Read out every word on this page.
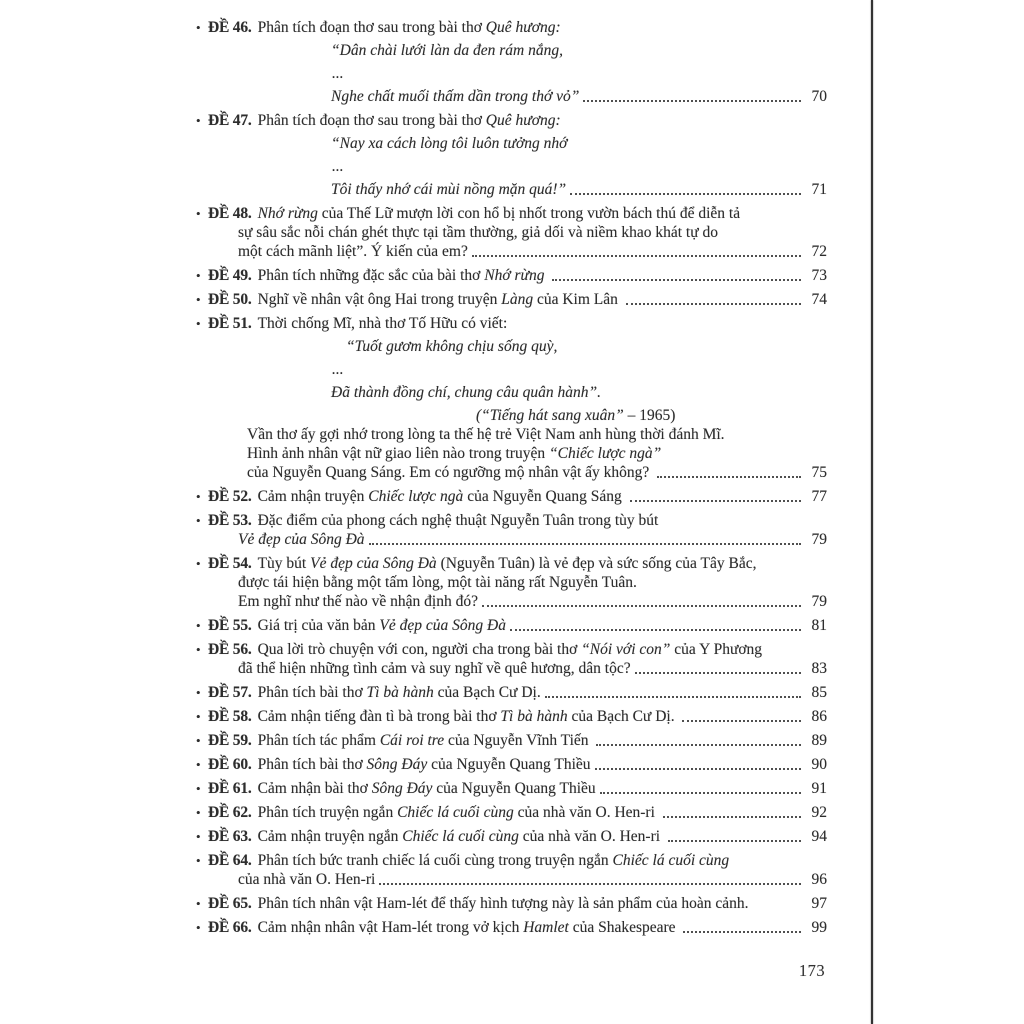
• ĐỀ 46. Phân tích đoạn thơ sau trong bài thơ Quê hương:
“Dân chài lưới làn da đen rám nắng,
...
Nghe chất muối thấm dần trong thớ vỏ”	70
• ĐỀ 47. Phân tích đoạn thơ sau trong bài thơ Quê hương:
“Nay xa cách lòng tôi luôn tưởng nhớ
...
Tôi thấy nhớ cái mùi nồng mặn quá!”	71
• ĐỀ 48. Nhớ rừng của Thế Lữ mượn lời con hổ bị nhốt trong vườn bách thú để diễn tả
sự sâu sắc nỗi chán ghét thực tại tầm thường, giả dối và niềm khao khát tự do
một cách mãnh liệt”. Ý kiến của em?	72
• ĐỀ 49. Phân tích những đặc sắc của bài thơ Nhớ rừng	73
• ĐỀ 50. Nghĩ về nhân vật ông Hai trong truyện Làng của Kim Lân	74
• ĐỀ 51. Thời chống Mĩ, nhà thơ Tố Hữu có viết:
“Tuốt gươm không chịu sống quỳ,
...
Đã thành đồng chí, chung câu quân hành”.
(“Tiếng hát sang xuân” – 1965)
Vần thơ ấy gợi nhớ trong lòng ta thế hệ trẻ Việt Nam anh hùng thời đánh Mĩ.
Hình ảnh nhân vật nữ giao liên nào trong truyện “Chiếc lược ngà”
của Nguyễn Quang Sáng. Em có ngưỡng mộ nhân vật ấy không?	75
• ĐỀ 52. Cảm nhận truyện Chiếc lược ngà của Nguyễn Quang Sáng	77
• ĐỀ 53. Đặc điểm của phong cách nghệ thuật Nguyễn Tuân trong tùy bút
Vẻ đẹp của Sông Đà	79
• ĐỀ 54. Tùy bút Vẻ đẹp của Sông Đà (Nguyễn Tuân) là vẻ đẹp và sức sống của Tây Bắc,
được tái hiện bằng một tấm lòng, một tài năng rất Nguyễn Tuân.
Em nghĩ như thế nào về nhận định đó?	79
• ĐỀ 55. Giá trị của văn bản Vẻ đẹp của Sông Đà	81
• ĐỀ 56. Qua lời trò chuyện với con, người cha trong bài thơ “Nói với con” của Y Phương
đã thể hiện những tình cảm và suy nghĩ về quê hương, dân tộc?	83
• ĐỀ 57. Phân tích bài thơ Tì bà hành của Bạch Cư Dị.	85
• ĐỀ 58. Cảm nhận tiếng đàn tì bà trong bài thơ Tì bà hành của Bạch Cư Dị.	86
• ĐỀ 59. Phân tích tác phẩm Cái roi tre của Nguyễn Vĩnh Tiến	89
• ĐỀ 60. Phân tích bài thơ Sông Đáy của Nguyễn Quang Thiều	90
• ĐỀ 61. Cảm nhận bài thơ Sông Đáy của Nguyễn Quang Thiều	91
• ĐỀ 62. Phân tích truyện ngắn Chiếc lá cuối cùng của nhà văn O. Hen-ri	92
• ĐỀ 63. Cảm nhận truyện ngắn Chiếc lá cuối cùng của nhà văn O. Hen-ri	94
• ĐỀ 64. Phân tích bức tranh chiếc lá cuối cùng trong truyện ngắn Chiếc lá cuối cùng
của nhà văn O. Hen-ri	96
• ĐỀ 65. Phân tích nhân vật Ham-lét để thấy hình tượng này là sản phẩm của hoàn cảnh.	97
• ĐỀ 66. Cảm nhận nhân vật Ham-lét trong vở kịch Hamlet của Shakespeare	99
173
